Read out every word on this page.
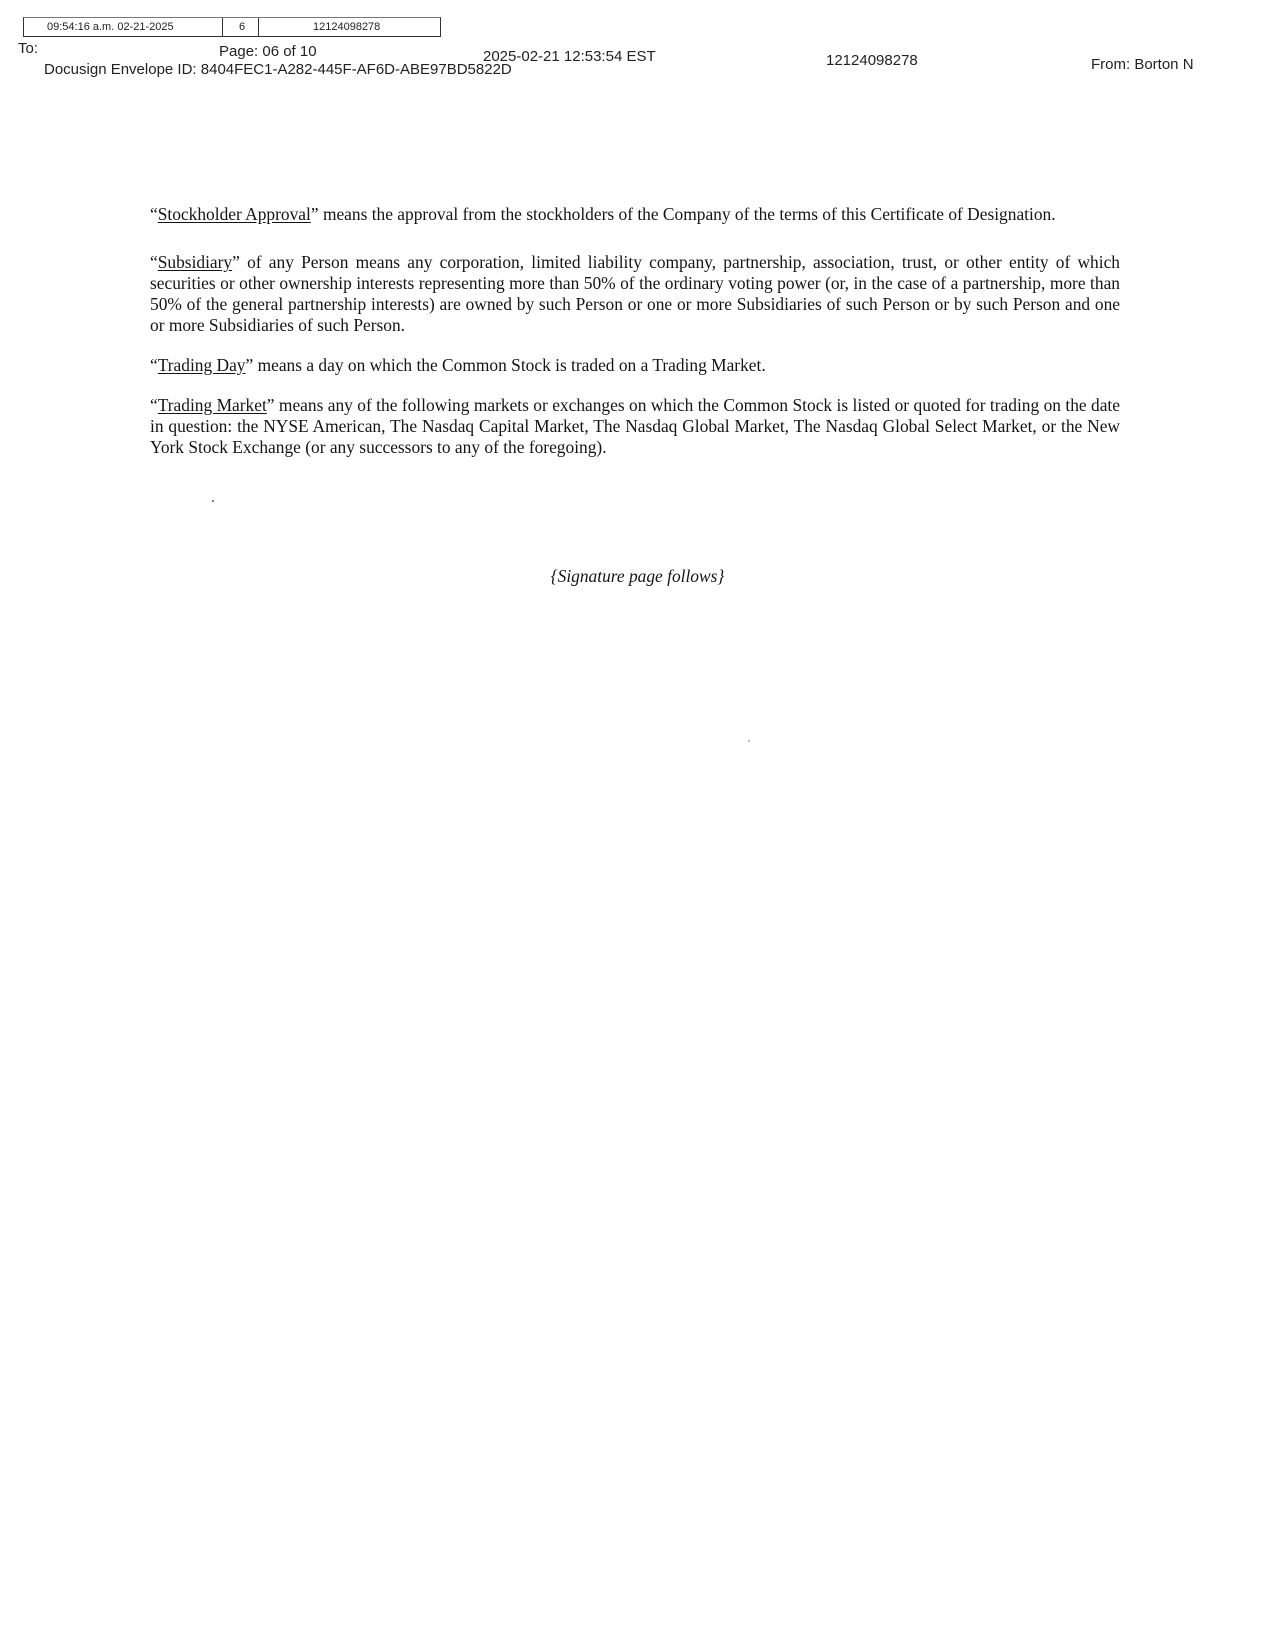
09:54:16 a.m. 02-21-2025	6	12124098278
To:	Page: 06 of 10	2025-02-21 12:53:54 EST	12124098278	From: Borton N
Docusign Envelope ID: 8404FEC1-A282-445F-AF6D-ABE97BD5822D

“Stockholder Approval” means the approval from the stockholders of the Company of the terms of this Certificate of Designation.

“Subsidiary” of any Person means any corporation, limited liability company, partnership, association, trust, or other entity of which securities or other ownership interests representing more than 50% of the ordinary voting power (or, in the case of a partnership, more than 50% of the general partnership interests) are owned by such Person or one or more Subsidiaries of such Person or by such Person and one or more Subsidiaries of such Person.

“Trading Day” means a day on which the Common Stock is traded on a Trading Market.

“Trading Market” means any of the following markets or exchanges on which the Common Stock is listed or quoted for trading on the date in question: the NYSE American, The Nasdaq Capital Market, The Nasdaq Global Market, The Nasdaq Global Select Market, or the New York Stock Exchange (or any successors to any of the foregoing).

{Signature page follows}
